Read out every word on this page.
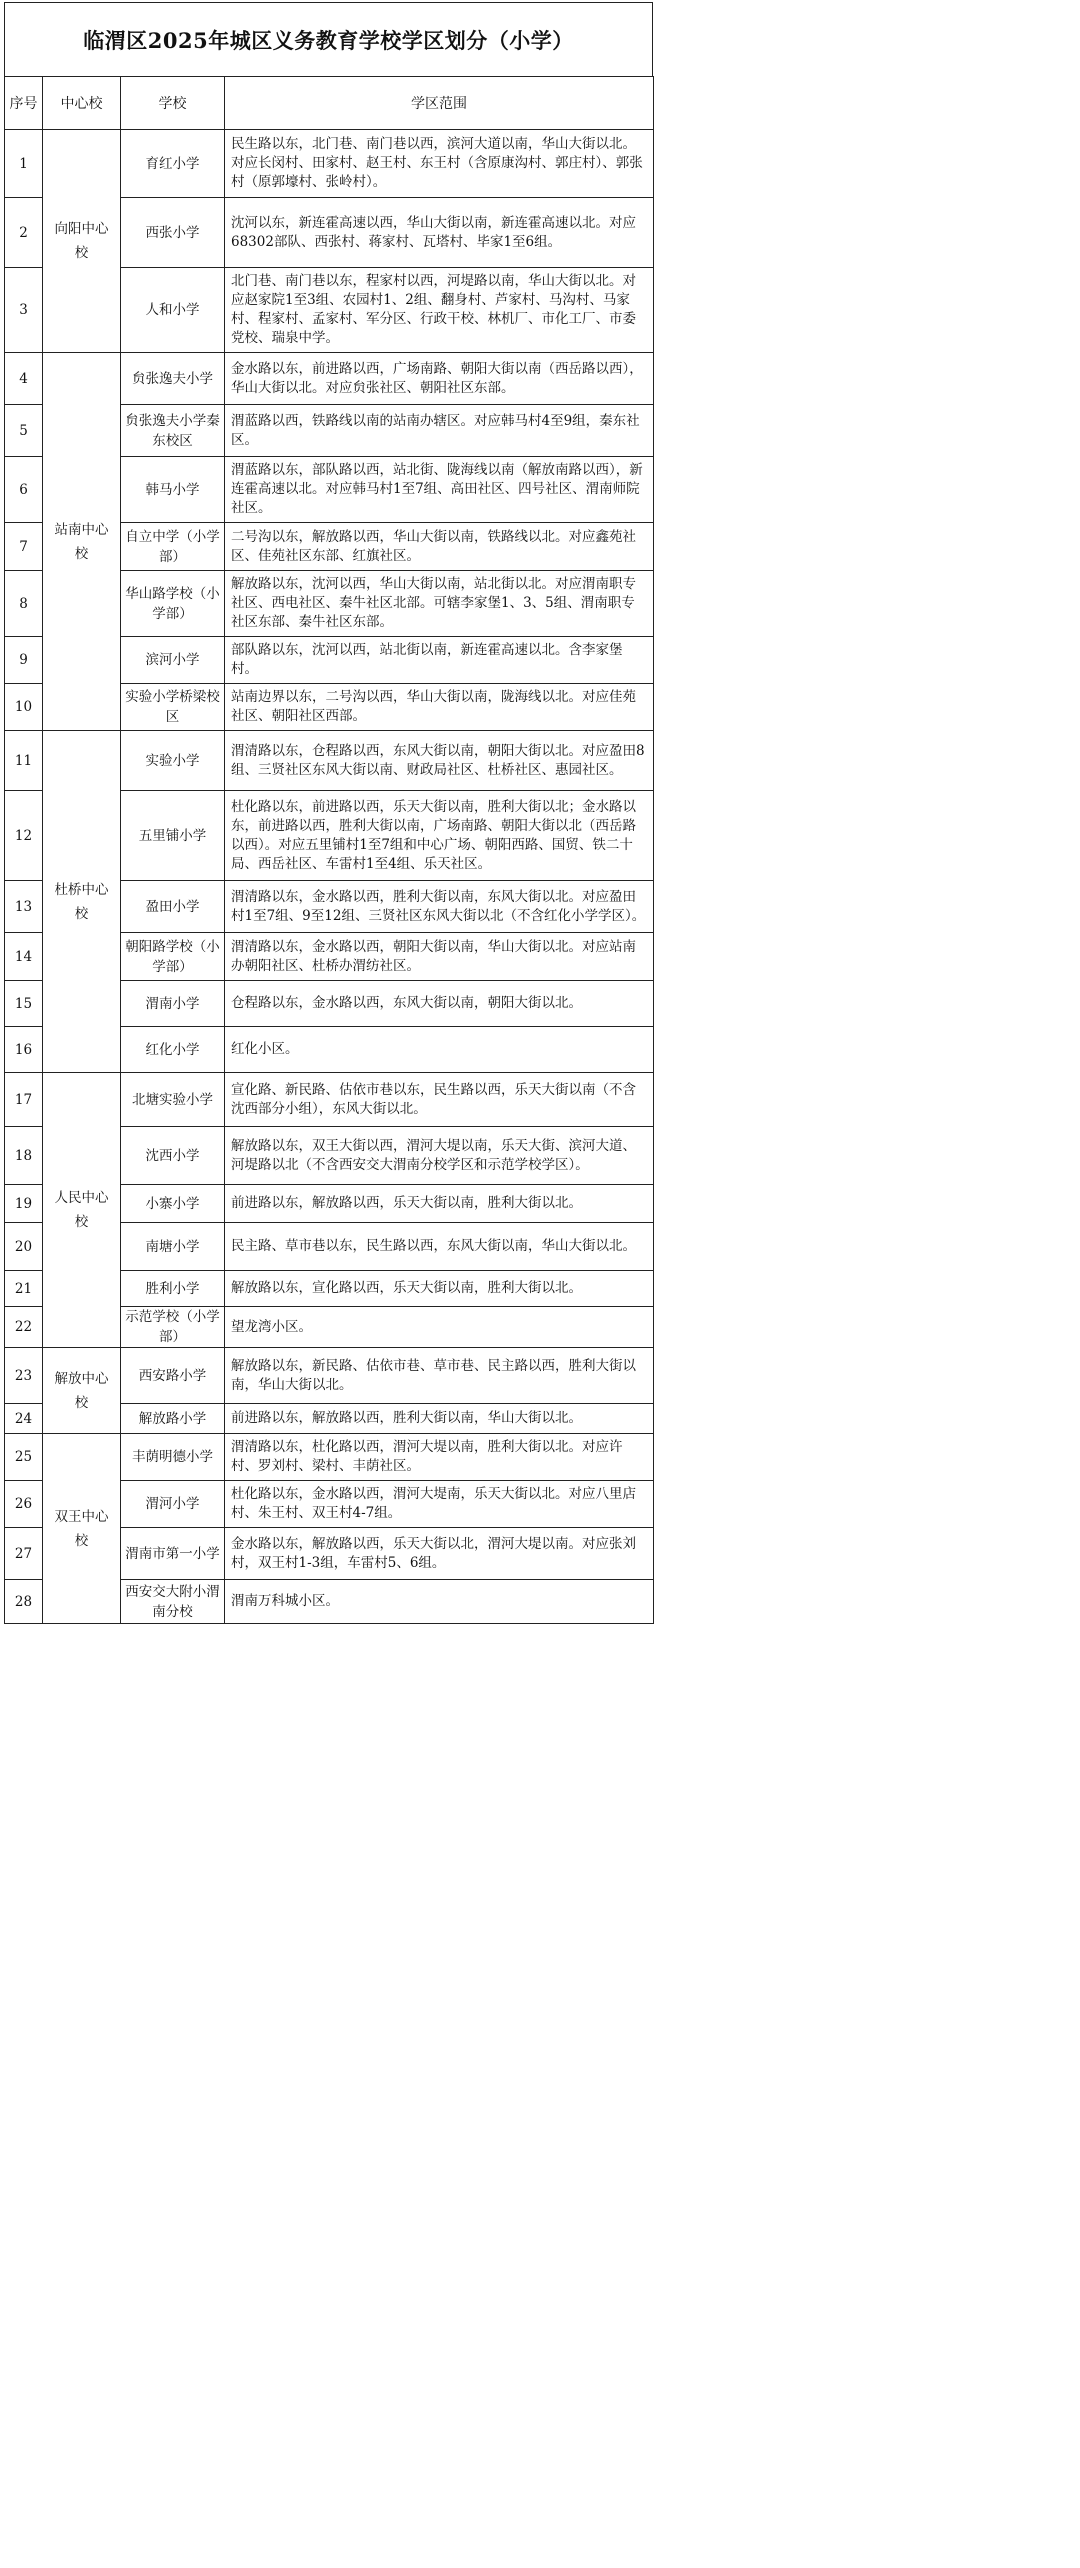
临渭区2025年城区义务教育学校学区划分（小学）
序号	中心校	学校	学区范围
1	向阳中心校	育红小学	民生路以东，北门巷、南门巷以西，滨河大道以南，华山大街以北。对应长闵村、田家村、赵王村、东王村（含原康沟村、郭庄村）、郭张村（原郭壕村、张岭村）。
2		西张小学	沈河以东，新连霍高速以西，华山大街以南，新连霍高速以北。对应68302部队、西张村、蒋家村、瓦塔村、毕家1至6组。
3		人和小学	北门巷、南门巷以东，程家村以西，河堤路以南，华山大街以北。对应赵家院1至3组、农园村1、2组、翻身村、芦家村、马沟村、马家村、程家村、孟家村、军分区、行政干校、林机厂、市化工厂、市委党校、瑞泉中学。
4	站南中心校	贠张逸夫小学	金水路以东，前进路以西，广场南路、朝阳大街以南（西岳路以西），华山大街以北。对应贠张社区、朝阳社区东部。
5		贠张逸夫小学秦东校区	渭蓝路以西，铁路线以南的站南办辖区。对应韩马村4至9组，秦东社区。
6		韩马小学	渭蓝路以东，部队路以西，站北街、陇海线以南（解放南路以西），新连霍高速以北。对应韩马村1至7组、高田社区、四号社区、渭南师院社区。
7		自立中学（小学部）	二号沟以东，解放路以西，华山大街以南，铁路线以北。对应鑫苑社区、佳苑社区东部、红旗社区。
8		华山路学校（小学部）	解放路以东，沈河以西，华山大街以南，站北街以北。对应渭南职专社区、西电社区、秦牛社区北部。可辖李家堡1、3、5组、渭南职专社区东部、秦牛社区东部。
9		滨河小学	部队路以东，沈河以西，站北街以南，新连霍高速以北。含李家堡村。
10		实验小学桥梁校区	站南边界以东，二号沟以西，华山大街以南，陇海线以北。对应佳苑社区、朝阳社区西部。
11	杜桥中心校	实验小学	渭清路以东，仓程路以西，东风大街以南，朝阳大街以北。对应盈田8组、三贤社区东风大街以南、财政局社区、杜桥社区、惠园社区。
12		五里铺小学	杜化路以东，前进路以西，乐天大街以南，胜利大街以北；金水路以东，前进路以西，胜利大街以南，广场南路、朝阳大街以北（西岳路以西）。对应五里铺村1至7组和中心广场、朝阳西路、国贸、铁二十局、西岳社区、车雷村1至4组、乐天社区。
13		盈田小学	渭清路以东，金水路以西，胜利大街以南，东风大街以北。对应盈田村1至7组、9至12组、三贤社区东风大街以北（不含红化小学学区）。
14		朝阳路学校（小学部）	渭清路以东，金水路以西，朝阳大街以南，华山大街以北。对应站南办朝阳社区、杜桥办渭纺社区。
15		渭南小学	仓程路以东，金水路以西，东风大街以南，朝阳大街以北。
16		红化小学	红化小区。
17	人民中心校	北塘实验小学	宣化路、新民路、估依市巷以东，民生路以西，乐天大街以南（不含沈西部分小组），东风大街以北。
18		沈西小学	解放路以东，双王大街以西，渭河大堤以南，乐天大街、滨河大道、河堤路以北（不含西安交大渭南分校学区和示范学校学区）。
19		小寨小学	前进路以东，解放路以西，乐天大街以南，胜利大街以北。
20		南塘小学	民主路、草市巷以东，民生路以西，东风大街以南，华山大街以北。
21		胜利小学	解放路以东，宣化路以西，乐天大街以南，胜利大街以北。
22		示范学校（小学部）	望龙湾小区。
23	解放中心校	西安路小学	解放路以东，新民路、估依市巷、草市巷、民主路以西，胜利大街以南，华山大街以北。
24		解放路小学	前进路以东，解放路以西，胜利大街以南，华山大街以北。
25	双王中心校	丰荫明德小学	渭清路以东，杜化路以西，渭河大堤以南，胜利大街以北。对应许村、罗刘村、梁村、丰荫社区。
26		渭河小学	杜化路以东，金水路以西，渭河大堤南，乐天大街以北。对应八里店村、朱王村、双王村4-7组。
27		渭南市第一小学	金水路以东，解放路以西，乐天大街以北，渭河大堤以南。对应张刘村，双王村1-3组，车雷村5、6组。
28		西安交大附小渭南分校	渭南万科城小区。
